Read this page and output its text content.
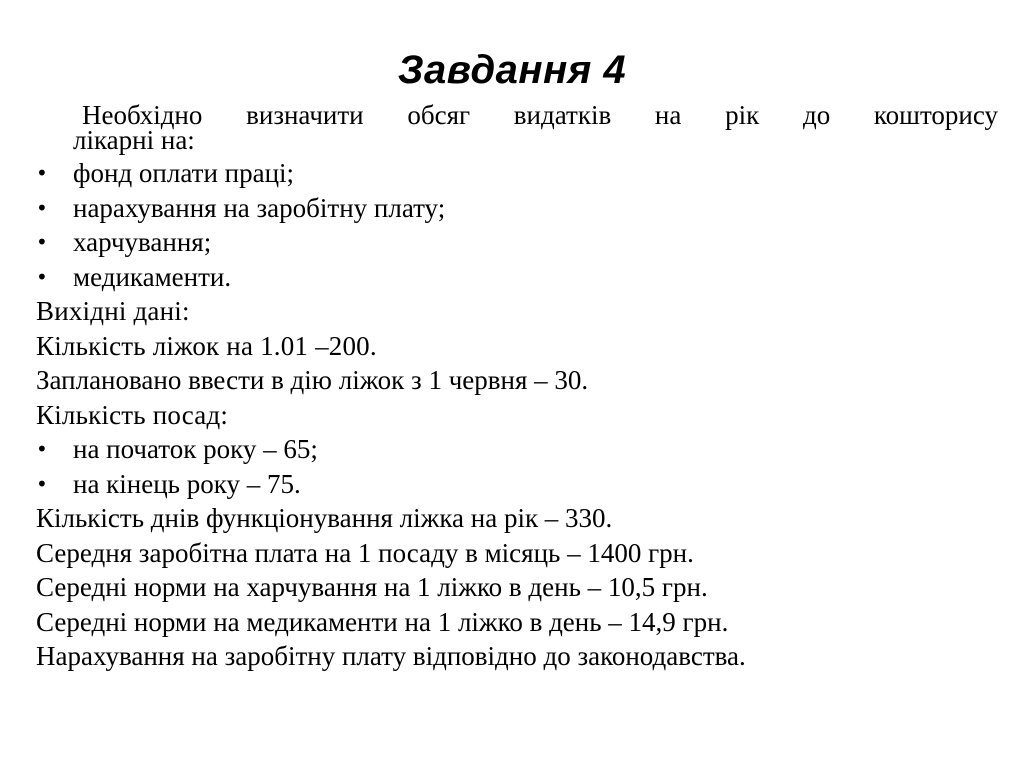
Завдання 4
Необхідно визначити обсяг видатків на рік до кошторису
лікарні на:
• фонд оплати праці;
• нарахування на заробітну плату;
• харчування;
• медикаменти.
Вихідні дані:
Кількість ліжок на 1.01 –200.
Заплановано ввести в дію ліжок з 1 червня – 30.
Кількість посад:
• на початок року – 65;
• на кінець року – 75.
Кількість днів функціонування ліжка на рік – 330.
Середня заробітна плата на 1 посаду в місяць – 1400 грн.
Середні норми на харчування на 1 ліжко в день – 10,5 грн.
Середні норми на медикаменти на 1 ліжко в день – 14,9 грн.
Нарахування на заробітну плату відповідно до законодавства.
